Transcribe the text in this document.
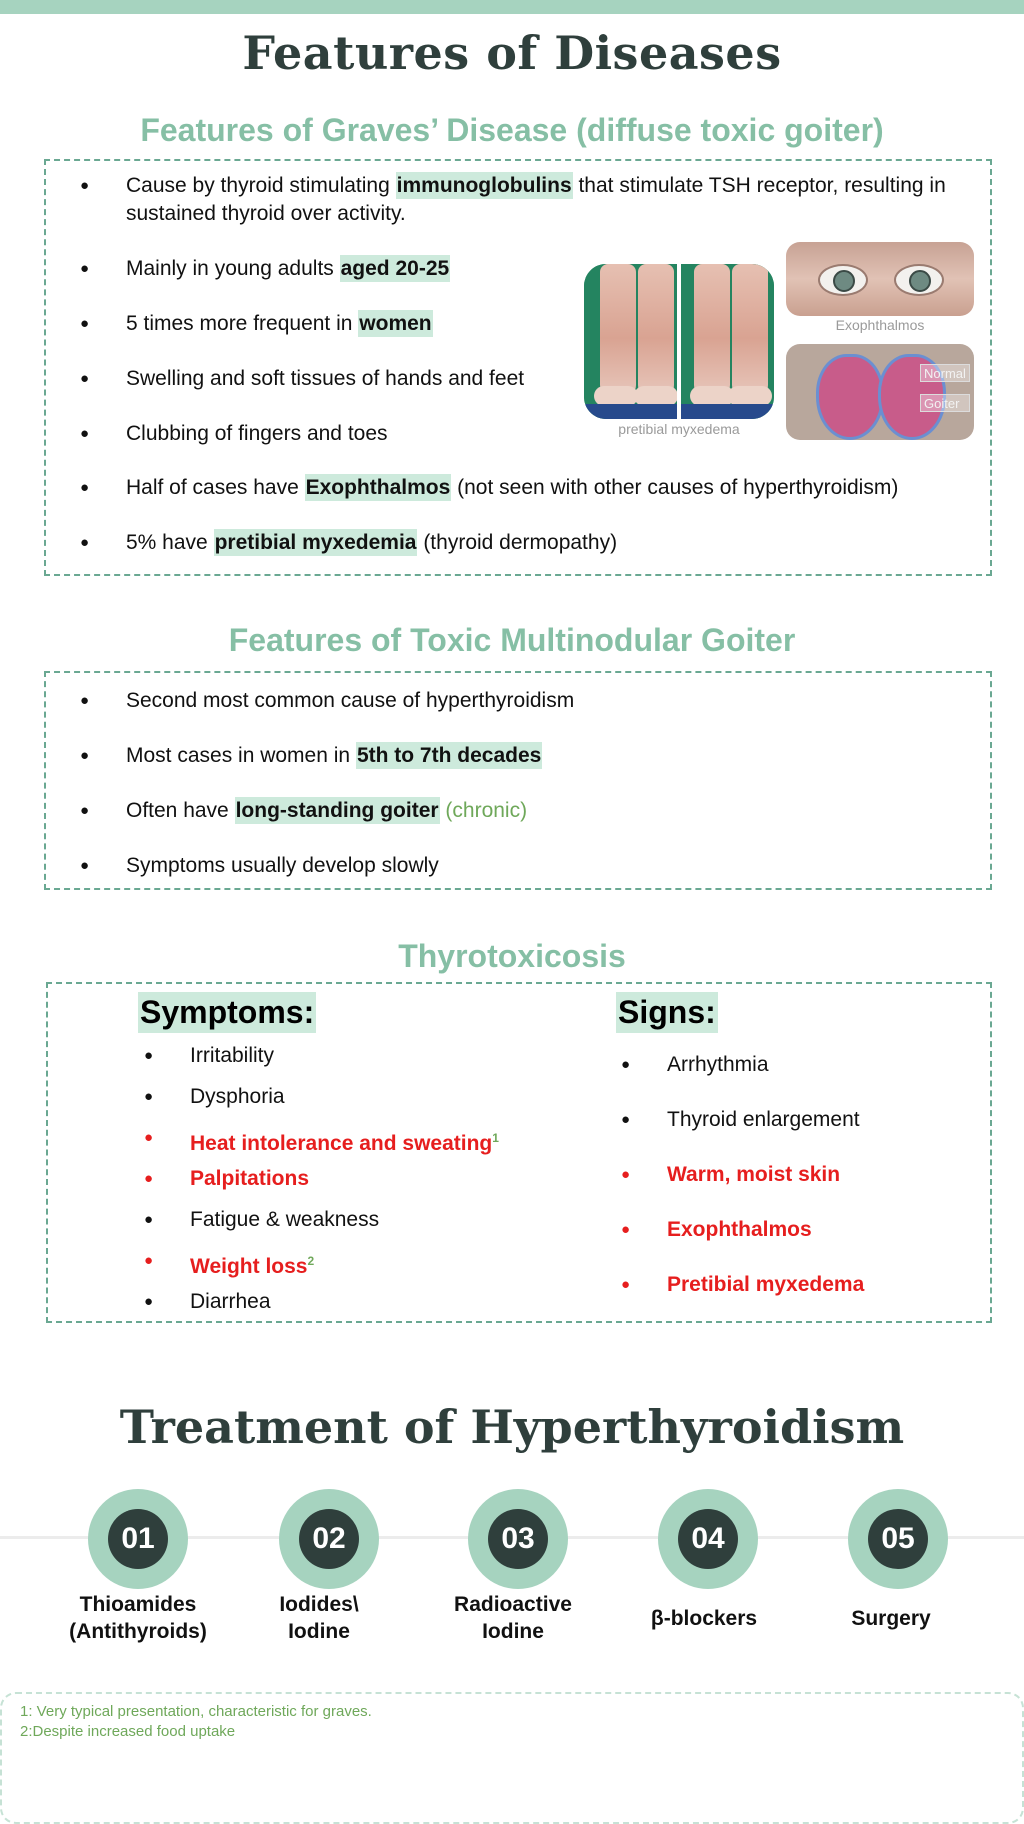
Features of Diseases
Features of Graves’ Disease (diffuse toxic goiter)
● Cause by thyroid stimulating immunoglobulins that stimulate TSH receptor, resulting in
sustained thyroid over activity.
● Mainly in young adults aged 20-25
● 5 times more frequent in women
● Swelling and soft tissues of hands and feet
● Clubbing of fingers and toes
● Half of cases have Exophthalmos (not seen with other causes of hyperthyroidism)
● 5% have pretibial myxedemia (thyroid dermopathy)
pretibial myxedema
Exophthalmos
Normal
Goiter
Features of Toxic Multinodular Goiter
● Second most common cause of hyperthyroidism
● Most cases in women in 5th to 7th decades
● Often have long-standing goiter (chronic)
● Symptoms usually develop slowly
Thyrotoxicosis
Symptoms:	Signs:
● Irritability
● Dysphoria
● Heat intolerance and sweating$^1$
● Palpitations
● Fatigue & weakness
● Weight loss$^2$
● Diarrhea
● Arrhythmia
● Thyroid enlargement
● Warm, moist skin
● Exophthalmos
● Pretibial myxedema
Treatment of Hyperthyroidism
01
Thioamides
(Antithyroids)
02
Iodides\
Iodine
03
Radioactive
Iodine
04
β-blockers
05
Surgery
1: Very typical presentation, characteristic for graves.
2:Despite increased food uptake
